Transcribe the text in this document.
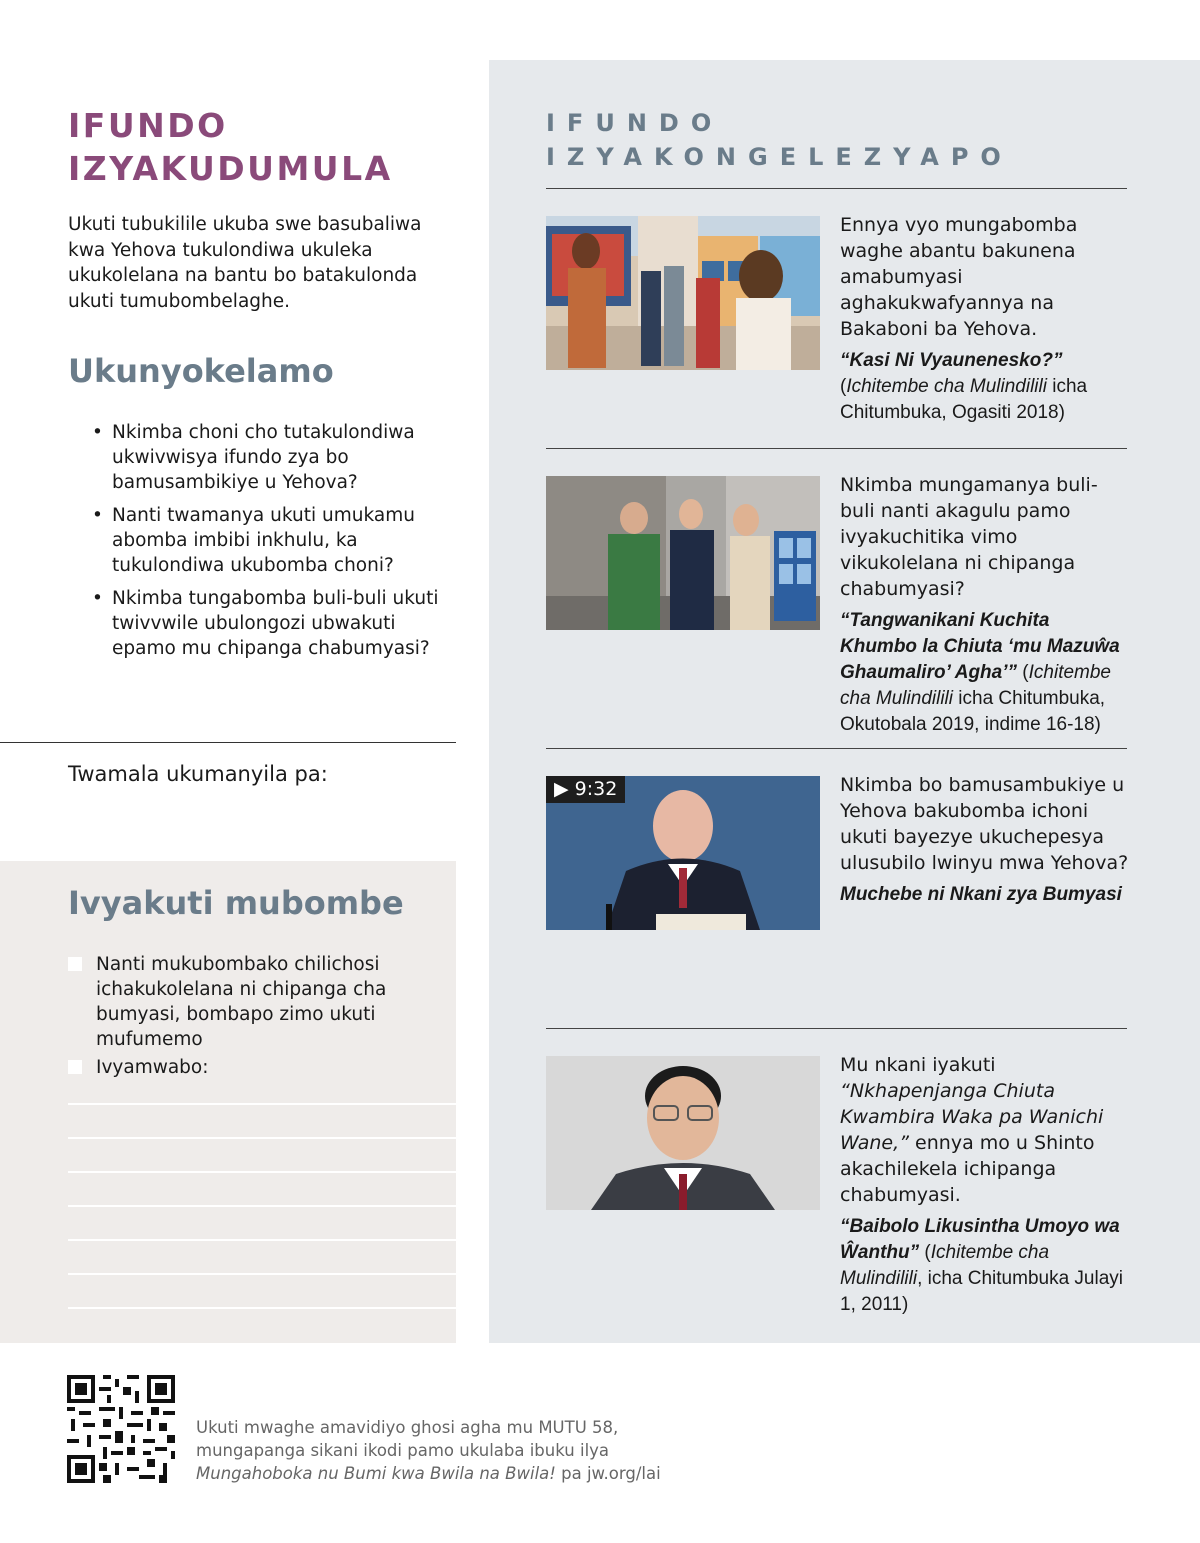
IFUNDO
IZYAKUDUMULA
Ukuti tubukilile ukuba swe basubaliwa kwa Yehova tukulondiwa ukuleka ukukolelana na bantu bo batakulonda ukuti tumubombelaghe.
Ukunyokelamo
• Nkimba choni cho tutakulondiwa ukwivwisya ifundo zya bo bamusambikiye u Yehova?
• Nanti twamanya ukuti umukamu abomba imbibi inkhulu, ka tukulondiwa ukubomba choni?
• Nkimba tungabomba buli-buli ukuti twivvwile ubulongozi ubwakuti epamo mu chipanga chabumyasi?
Twamala ukumanyila pa:
Ivyakuti mubombe
Nanti mukubombako chilichosi ichakukolelana ni chipanga cha bumyasi, bombapo zimo ukuti mufumemo
Ivyamwabo:
IFUNDO
IZYAKONGELEZYAPO
Ennya vyo mungabomba waghe abantu bakunena amabumyasi aghakukwafyannya na Bakaboni ba Yehova.
“Kasi Ni Vyaunenesko?”
(Ichitembe cha Mulindilili icha Chitumbuka, Ogasiti 2018)
Nkimba mungamanya buli-buli nanti akagulu pamo ivyakuchitika vimo vikukolelana ni chipanga chabumyasi?
“Tangwanikani Kuchita Khumbo la Chiuta ‘mu Mazuŵa Ghaumaliro’ Agha’” (Ichitembe cha Mulindilili icha Chitumbuka, Okutobala 2019, indime 16-18)
▶ 9:32	Nkimba bo bamusambukiye u Yehova bakubomba ichoni ukuti bayezye ukuchepesya ulusubilo lwinyu mwa Yehova?
Muchebe ni Nkani zya Bumyasi
Mu nkani iyakuti “Nkhapenjanga Chiuta Kwambira Waka pa Wanichi Wane,” ennya mo u Shinto akachilekela ichipanga chabumyasi.
“Baibolo Likusintha Umoyo wa Ŵanthu” (Ichitembe cha Mulindilili, icha Chitumbuka Julayi 1, 2011)
Ukuti mwaghe amavidiyo ghosi agha mu MUTU 58, mungapanga sikani ikodi pamo ukulaba ibuku ilya
Mungahoboka nu Bumi kwa Bwila na Bwila! pa jw.org/lai
